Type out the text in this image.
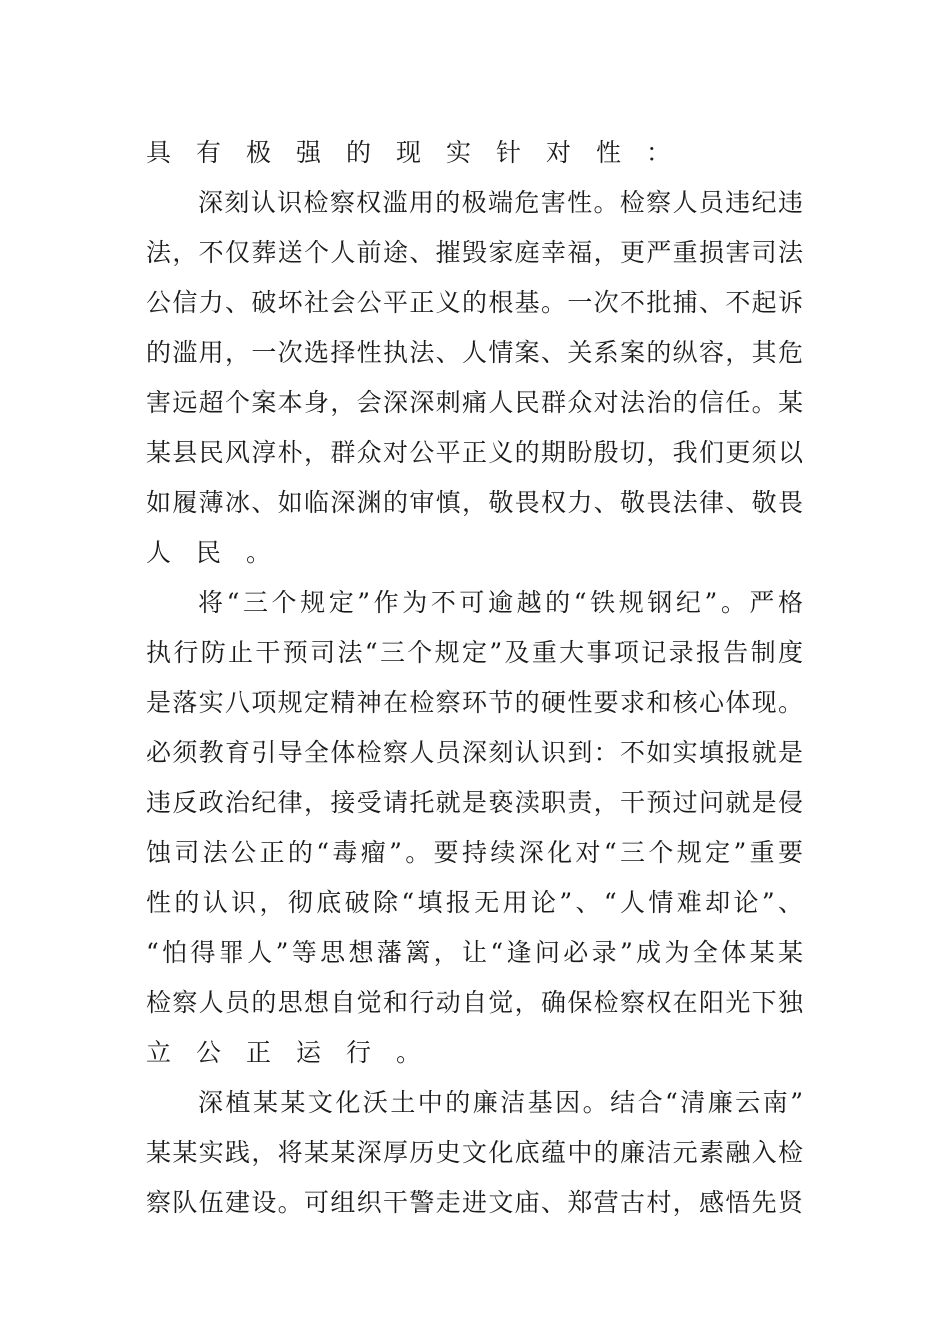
具有极强的现实针对性：
深刻认识检察权滥用的极端危害性。检察人员违纪违
法，不仅葬送个人前途、摧毁家庭幸福，更严重损害司法
公信力、破坏社会公平正义的根基。一次不批捕、不起诉
的滥用，一次选择性执法、人情案、关系案的纵容，其危
害远超个案本身，会深深刺痛人民群众对法治的信任。某
某县民风淳朴，群众对公平正义的期盼殷切，我们更须以
如履薄冰、如临深渊的审慎，敬畏权力、敬畏法律、敬畏
人民。
将“三个规定”作为不可逾越的“铁规钢纪”。严格
执行防止干预司法“三个规定”及重大事项记录报告制度
是落实八项规定精神在检察环节的硬性要求和核心体现。
必须教育引导全体检察人员深刻认识到：不如实填报就是
违反政治纪律，接受请托就是亵渎职责，干预过问就是侵
蚀司法公正的“毒瘤”。要持续深化对“三个规定”重要
性的认识，彻底破除“填报无用论”、“人情难却论”、
“怕得罪人”等思想藩篱，让“逢问必录”成为全体某某
检察人员的思想自觉和行动自觉，确保检察权在阳光下独
立公正运行。
深植某某文化沃土中的廉洁基因。结合“清廉云南”
某某实践，将某某深厚历史文化底蕴中的廉洁元素融入检
察队伍建设。可组织干警走进文庙、郑营古村，感悟先贤
